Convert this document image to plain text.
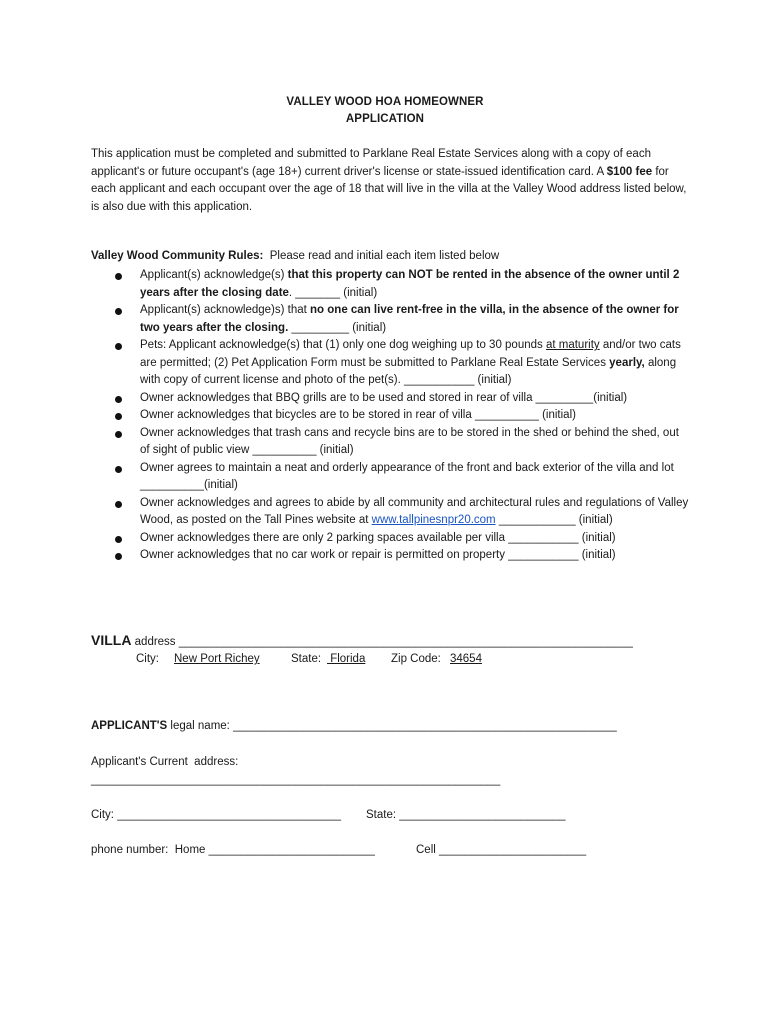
VALLEY WOOD HOA HOMEOWNER
APPLICATION
This application must be completed and submitted to Parklane Real Estate Services along with a copy of each applicant's or future occupant's (age 18+) current driver's license or state-issued identification card. A $100 fee for each applicant and each occupant over the age of 18 that will live in the villa at the Valley Wood address listed below, is also due with this application.
Valley Wood Community Rules:  Please read and initial each item listed below
Applicant(s) acknowledge(s) that this property can NOT be rented in the absence of the owner until 2 years after the closing date. _______ (initial)
Applicant(s) acknowledge)s) that no one can live rent-free in the villa, in the absence of the owner for two years after the closing. _________ (initial)
Pets: Applicant acknowledge(s) that (1) only one dog weighing up to 30 pounds at maturity and/or two cats are permitted; (2) Pet Application Form must be submitted to Parklane Real Estate Services yearly, along with copy of current license and photo of the pet(s). ___________ (initial)
Owner acknowledges that BBQ grills are to be used and stored in rear of villa _________(initial)
Owner acknowledges that bicycles are to be stored in rear of villa __________ (initial)
Owner acknowledges that trash cans and recycle bins are to be stored in the shed or behind the shed, out of sight of public view __________ (initial)
Owner agrees to maintain a neat and orderly appearance of the front and back exterior of the villa and lot __________(initial)
Owner acknowledges and agrees to abide by all community and architectural rules and regulations of Valley Wood, as posted on the Tall Pines website at www.tallpinesnpr20.com ____________ (initial)
Owner acknowledges there are only 2 parking spaces available per villa ___________ (initial)
Owner acknowledges that no car work or repair is permitted on property ___________ (initial)
VILLA address _______________________________________________________________________
City: New Port Richey	State: Florida Zip Code: 34654
APPLICANT'S legal name: ____________________________________________________________
Applicant's Current  address:
________________________________________________________________
City: ___________________________________ State: __________________________
phone number:  Home __________________________	Cell _______________________
